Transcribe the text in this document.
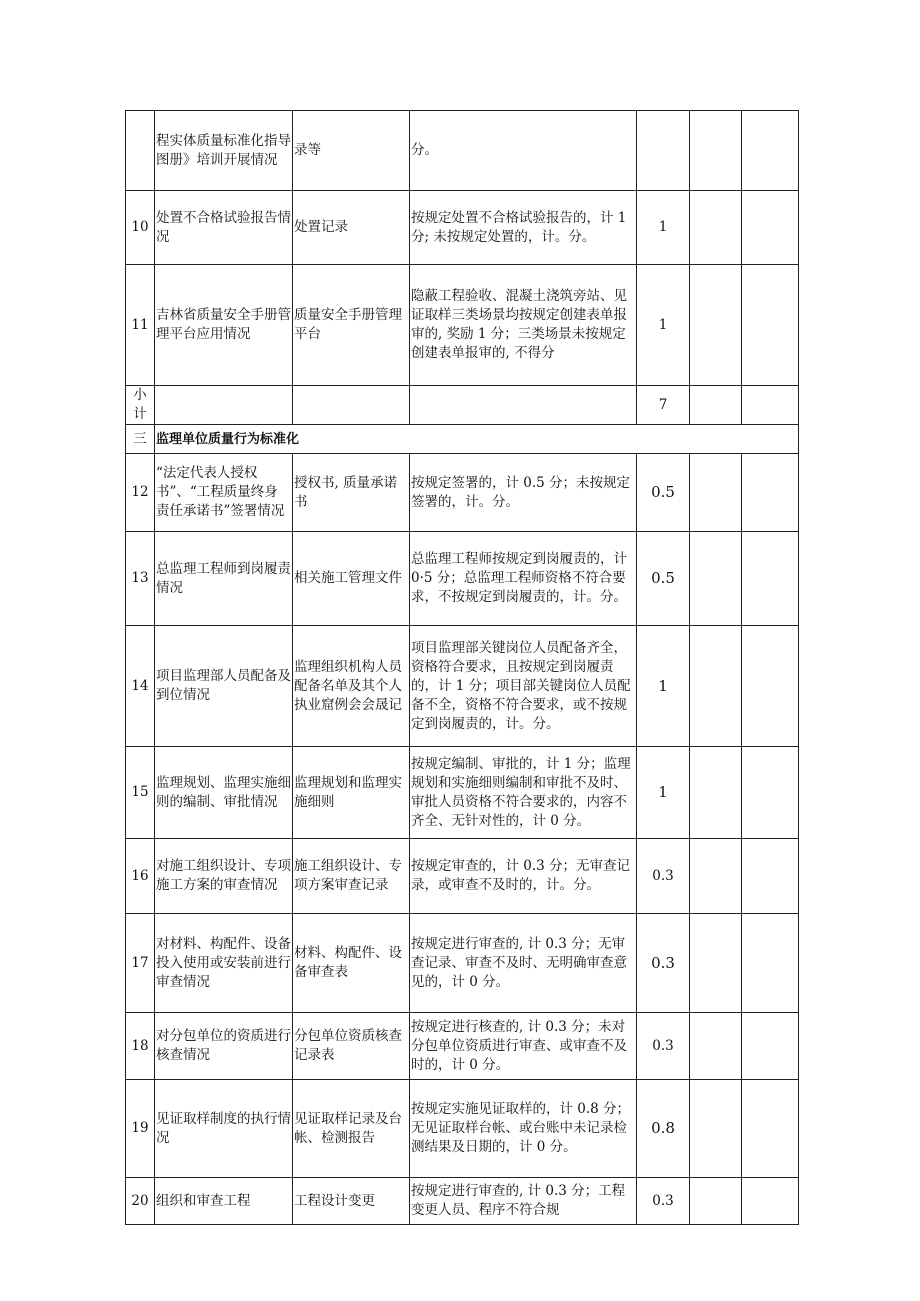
	程实体质量标准化指导图册》培训开展情况	录等	分。			
10	处置不合格试验报告情况	处置记录	按规定处置不合格试验报告的，计 1 分; 未按规定处置的，计。分。	1		
11	吉林省质量安全手册管理平台应用情况	质量安全手册管理平台	隐蔽工程验收、混凝土浇筑旁站、见证取样三类场景均按规定创建表单报审的, 奖励 1 分；三类场景未按规定创建表单报审的, 不得分	1		
小计				7		
三	监理单位质量行为标准化					
12	“法定代表人授权书”、“工程质量终身责任承诺书”签署情况	授权书, 质量承诺书	按规定签署的，计 0.5 分；未按规定签署的，计。分。	0.5		
13	总监理工程师到岗履责情况	相关施工管理文件	总监理工程师按规定到岗履责的，计 0·5 分；总监理工程师资格不符合要求，不按规定到岗履责的，计。分。	0.5		
14	项目监理部人员配备及到位情况	监理组织机构人员配备名单及其个人执业窟例会会晟记	项目监理部关键岗位人员配备齐全，资格符合要求，且按规定到岗履责的，计 1 分；项目部关键岗位人员配备不全，资格不符合要求，或不按规定到岗履责的，计。分。	1		
15	监理规划、监理实施细则的编制、审批情况	监理规划和监理实施细则	按规定编制、审批的，计 1 分；监理规划和实施细则编制和审批不及时、审批人员资格不符合要求的，内容不齐全、无针对性的，计 0 分。	1		
16	对施工组织设计、专项施工方案的审查情况	施工组织设计、专项方案审查记录	按规定审查的，计 0.3 分；无审查记录，或审查不及时的，计。分。	0.3		
17	对材料、构配件、设备投入使用或安装前进行审查情况	材料、构配件、设备审查表	按规定进行审查的, 计 0.3 分；无审查记录、审查不及时、无明确审查意见的，计 0 分。	0.3		
18	对分包单位的资质进行核查情况	分包单位资质核查记录表	按规定进行核查的, 计 0.3 分；未对分包单位资质进行审查、或审查不及时的，计 0 分。	0.3		
19	见证取样制度的执行情况	见证取样记录及台帐、检测报告	按规定实施见证取样的，计 0.8 分；无见证取样台帐、或台账中未记录检测结果及日期的，计 0 分。	0.8		
20	组织和审查工程	工程设计变更	按规定进行审查的, 计 0.3 分；工程变更人员、程序不符合规	0.3		
